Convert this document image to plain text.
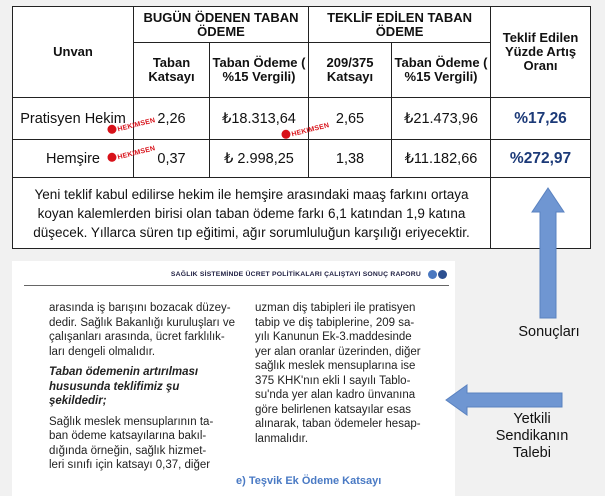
Unvan	BUGÜN ÖDENEN TABAN ÖDEME		TEKLİF EDİLEN TABAN ÖDEME		Teklif Edilen Yüzde Artış Oranı
	Taban Katsayı	Taban Ödeme ( %15 Vergili)	209/375 Katsayı	Taban Ödeme ( %15 Vergili)	
Pratisyen Hekim	2,26	₺18.313,64	2,65	₺21.473,96	%17,26
Hemşire	0,37	₺ 2.998,25	1,38	₺11.182,66	%272,97
Yeni teklif kabul edilirse hekim ile hemşire arasındaki maaş farkını ortaya koyan kalemlerden birisi olan taban ödeme farkı 6,1 katından 1,9 katına düşecek. Yıllarca süren tıp eğitimi, ağır sorumluluğun karşılığı eriyecektir.					
HEKIMSEN
HEKIMSEN
HEKIMSEN
SAĞLIK SİSTEMİNDE ÜCRET POLİTİKALARI ÇALIŞTAYI SONUÇ RAPORU

arasında iş barışını bozacak düzey-

dedir. Sağlık Bakanlığı kuruluşları ve

çalışanları arasında, ücret farklılık-

ları dengeli olmalıdır.

Taban ödemenin artırılması

hususunda teklifimiz şu

şekildedir;

Sağlık meslek mensuplarının ta-

ban ödeme katsayılarına bakıl-

dığında örneğin, sağlık hizmet-

leri sınıfı için katsayı 0,37, diğer

uzman diş tabipleri ile pratisyen

tabip ve diş tabiplerine, 209 sa-

yılı Kanunun Ek-3.maddesinde

yer alan oranlar üzerinden, diğer

sağlık meslek mensuplarına ise

375 KHK'nın ekli I sayılı Tablo-

su'nda yer alan kadro ünvanına

göre belirlenen katsayılar esas

alınarak, taban ödemeler hesap-

lanmalıdır.

e) Teşvik Ek Ödeme Katsayı
Sonuçları
Yetkili
Sendikanın
Talebi
